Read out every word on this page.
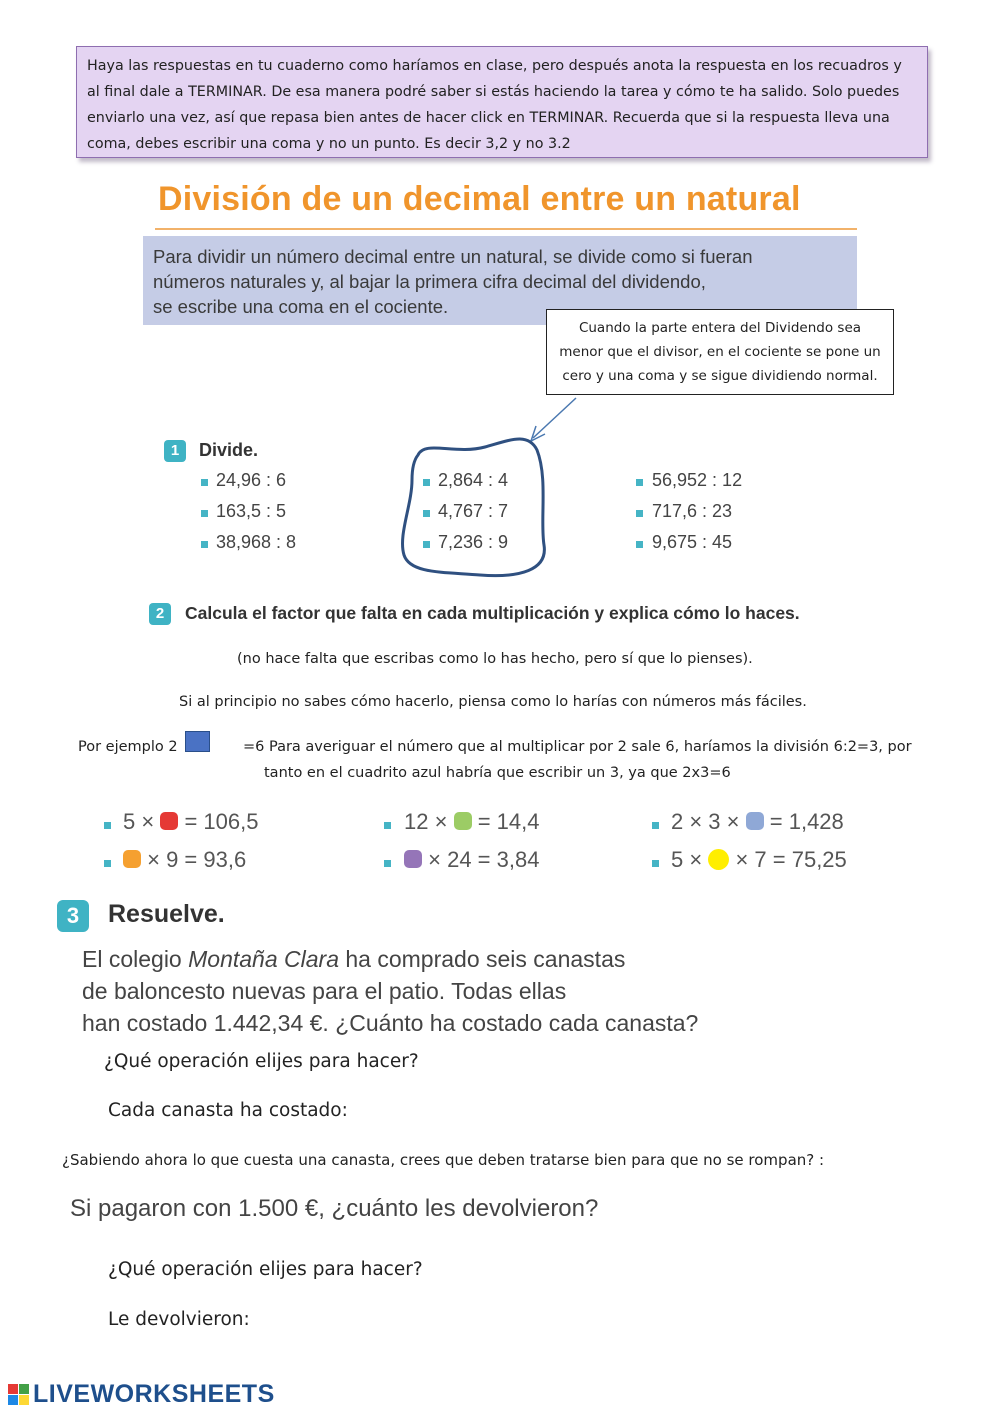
Haya las respuestas en tu cuaderno como haríamos en clase, pero después anota la respuesta en los recuadros y al final dale a TERMINAR. De esa manera podré saber si estás haciendo la tarea y cómo te ha salido. Solo puedes enviarlo una vez, así que repasa bien antes de hacer click en TERMINAR. Recuerda que si la respuesta lleva una coma, debes escribir una coma y no un punto. Es decir 3,2 y no 3.2
División de un decimal entre un natural
Para dividir un número decimal entre un natural, se divide como si fueran
números naturales y, al bajar la primera cifra decimal del dividendo,
se escribe una coma en el cociente.
Cuando la parte entera del Dividendo sea menor que el divisor, en el cociente se pone un cero y una coma y se sigue dividiendo normal.
1	Divide.
24,96 : 6
163,5 : 5
38,968 : 8
2,864 : 4
4,767 : 7
7,236 : 9
56,952 : 12
717,6 : 23
9,675 : 45
2	Calcula el factor que falta en cada multiplicación y explica cómo lo haces.
(no hace falta que escribas como lo has hecho, pero sí que lo pienses).
Si al principio no sabes cómo hacerlo, piensa como lo harías con números más fáciles.
Por ejemplo 2	=6 Para averiguar el número que al multiplicar por 2 sale 6, haríamos la división 6:2=3, por
tanto en el cuadrito azul habría que escribir un 3, ya que 2x3=6
5 × = 106,5	12 × = 14,4	2 × 3 × = 1,428
× 9 = 93,6	× 24 = 3,84	5 × × 7 = 75,25
3	Resuelve.
El colegio Montaña Clara ha comprado seis canastas
de baloncesto nuevas para el patio. Todas ellas
han costado 1.442,34 €. ¿Cuánto ha costado cada canasta?
¿Qué operación elijes para hacer?
Cada canasta ha costado:
¿Sabiendo ahora lo que cuesta una canasta, crees que deben tratarse bien para que no se rompan? :
Si pagaron con 1.500 €, ¿cuánto les devolvieron?
¿Qué operación elijes para hacer?
Le devolvieron:
LIVEWORKSHEETS
